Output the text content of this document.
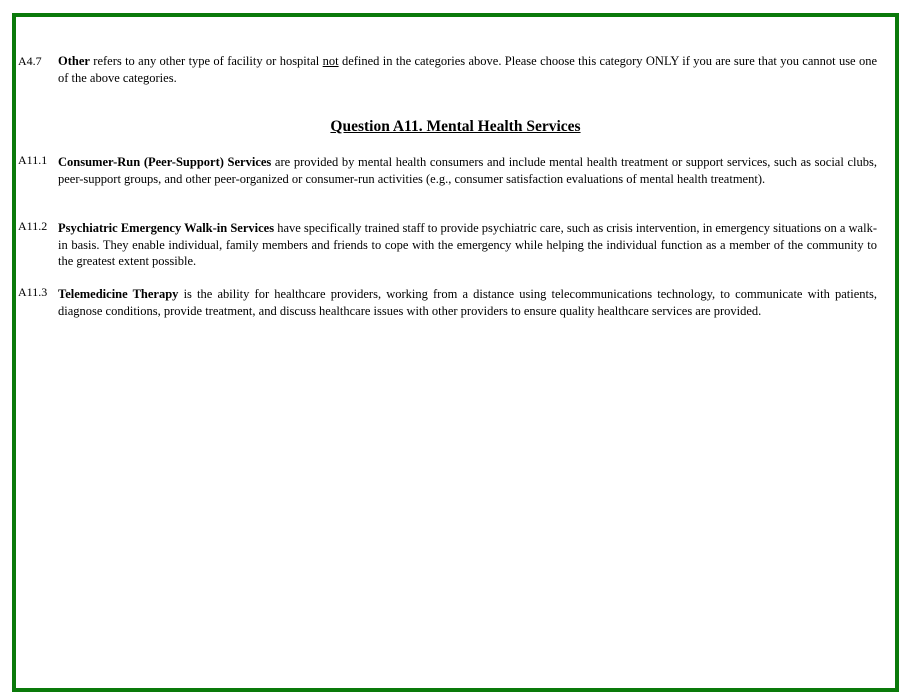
A4.7 Other refers to any other type of facility or hospital not defined in the categories above. Please choose this category ONLY if you are sure that you cannot use one of the above categories.

Question A11. Mental Health Services
A11.1 Consumer-Run (Peer-Support) Services are provided by mental health consumers and include mental health treatment or support services, such as social clubs, peer-support groups, and other peer-organized or consumer-run activities (e.g., consumer satisfaction evaluations of mental health treatment).

A11.2 Psychiatric Emergency Walk-in Services have specifically trained staff to provide psychiatric care, such as crisis intervention, in emergency situations on a walk-in basis. They enable individual, family members and friends to cope with the emergency while helping the individual function as a member of the community to the greatest extent possible.

A11.3 Telemedicine Therapy is the ability for healthcare providers, working from a distance using telecommunications technology, to communicate with patients, diagnose conditions, provide treatment, and discuss healthcare issues with other providers to ensure quality healthcare services are provided.
